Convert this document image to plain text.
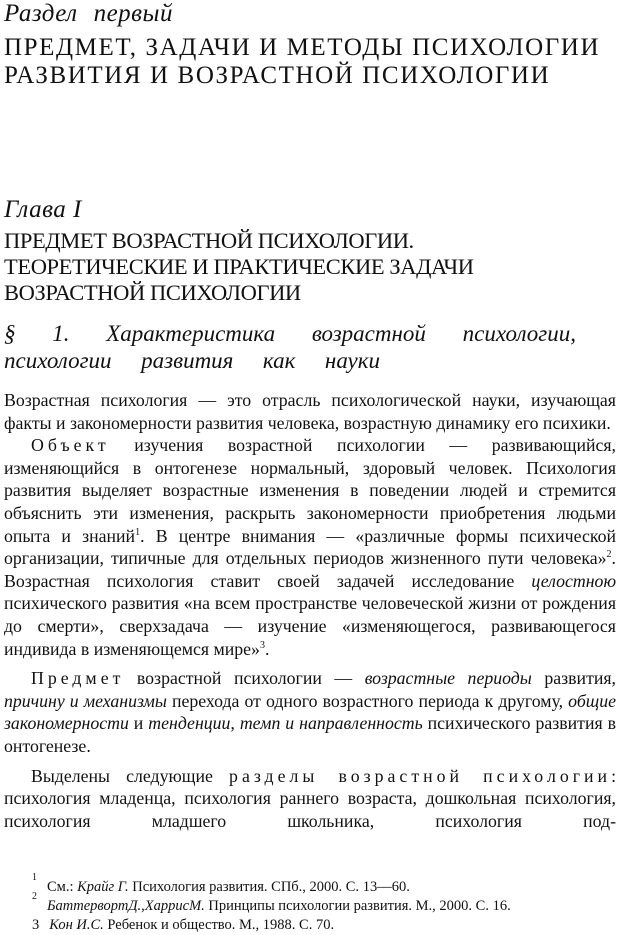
Раздел первый
ПРЕДМЕТ, ЗАДАЧИ И МЕТОДЫ ПСИХОЛОГИИ
РАЗВИТИЯ И ВОЗРАСТНОЙ ПСИХОЛОГИИ
Глава I
ПРЕДМЕТ ВОЗРАСТНОЙ ПСИХОЛОГИИ.
ТЕОРЕТИЧЕСКИЕ И ПРАКТИЧЕСКИЕ ЗАДАЧИ
ВОЗРАСТНОЙ ПСИХОЛОГИИ
§ 1. Характеристика возрастной психологии,
психологии развития как науки

Возрастная психология — это отрасль психологической науки, изучающая факты и закономерности развития человека, возрастную динамику его психики.

Объект изучения возрастной психологии — развивающийся, изменяющийся в онтогенезе нормальный, здоровый человек. Психология развития выделяет возрастные изменения в поведении людей и стремится объяснить эти изменения, раскрыть закономерности приобретения людьми опыта и знаний$^1$. В центре внимания — «различные формы психической организации, типичные для отдельных периодов жизненного пути человека»$^2$. Возрастная психология ставит своей задачей исследование целостною психического развития «на всем пространстве человеческой жизни от рождения до смерти», сверхзадача — изучение «изменяющегося, развивающегося индивида в изменяющемся мире»$^3$.

Предмет возрастной психологии — возрастные периоды развития, причину и механизмы перехода от одного возрастного периода к другому, общие закономерности и тенденции, темп и направленность психического развития в онтогенезе.

Выделены следующие разделы возрастной психологии: психология младенца, психология раннего возраста, дошкольная психология, психология младшего школьника, психология под-

1
См.: Крайг Г. Психология развития. СПб., 2000. С. 13—60.
2
БаттервортД.,ХаррисМ. Принципы психологии развития. М., 2000. С. 16.
3 Кон И.С. Ребенок и общество. М., 1988. С. 70.
